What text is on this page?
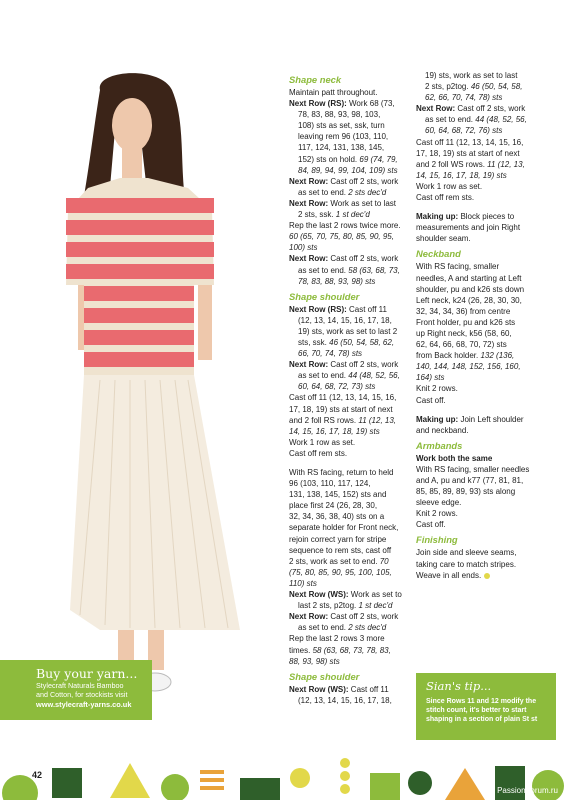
Buy your yarn...
Stylecraft Naturals Bamboo
and Cotton, for stockists visit
www.stylecraft-yarns.co.uk
Shape neck

Maintain patt throughout.

Next Row (RS): Work 68 (73,

78, 83, 88, 93, 98, 103,

108) sts as set, ssk, turn

leaving rem 96 (103, 110,

117, 124, 131, 138, 145,

152) sts on hold. 69 (74, 79,

84, 89, 94, 99, 104, 109) sts

Next Row: Cast off 2 sts, work

as set to end. 2 sts dec'd

Next Row: Work as set to last

2 sts, ssk. 1 st dec'd

Rep the last 2 rows twice more.

60 (65, 70, 75, 80, 85, 90, 95,

100) sts

Next Row: Cast off 2 sts, work

as set to end. 58 (63, 68, 73,

78, 83, 88, 93, 98) sts

Shape shoulder

Next Row (RS): Cast off 11

(12, 13, 14, 15, 16, 17, 18,

19) sts, work as set to last 2

sts, ssk. 46 (50, 54, 58, 62,

66, 70, 74, 78) sts

Next Row: Cast off 2 sts, work

as set to end. 44 (48, 52, 56,

60, 64, 68, 72, 73) sts

Cast off 11 (12, 13, 14, 15, 16,

17, 18, 19) sts at start of next

and 2 foll RS rows. 11 (12, 13,

14, 15, 16, 17, 18, 19) sts

Work 1 row as set.

Cast off rem sts.

With RS facing, return to held

96 (103, 110, 117, 124,

131, 138, 145, 152) sts and

place first 24 (26, 28, 30,

32, 34, 36, 38, 40) sts on a

separate holder for Front neck,

rejoin correct yarn for stripe

sequence to rem sts, cast off

2 sts, work as set to end. 70

(75, 80, 85, 90, 95, 100, 105,

110) sts

Next Row (WS): Work as set to

last 2 sts, p2tog. 1 st dec'd

Next Row: Cast off 2 sts, work

as set to end. 2 sts dec'd

Rep the last 2 rows 3 more

times. 58 (63, 68, 73, 78, 83,

88, 93, 98) sts

Shape shoulder

Next Row (WS): Cast off 11

(12, 13, 14, 15, 16, 17, 18,

19) sts, work as set to last

2 sts, p2tog. 46 (50, 54, 58,

62, 66, 70, 74, 78) sts

Next Row: Cast off 2 sts, work

as set to end. 44 (48, 52, 56,

60, 64, 68, 72, 76) sts

Cast off 11 (12, 13, 14, 15, 16,

17, 18, 19) sts at start of next

and 2 foll WS rows. 11 (12, 13,

14, 15, 16, 17, 18, 19) sts

Work 1 row as set.

Cast off rem sts.

Making up: Block pieces to

measurements and join Right

shoulder seam.

Neckband

With RS facing, smaller

needles, A and starting at Left

shoulder, pu and k26 sts down

Left neck, k24 (26, 28, 30, 30,

32, 34, 34, 36) from centre

Front holder, pu and k26 sts

up Right neck, k56 (58, 60,

62, 64, 66, 68, 70, 72) sts

from Back holder. 132 (136,

140, 144, 148, 152, 156, 160,

164) sts

Knit 2 rows.

Cast off.

Making up: Join Left shoulder

and neckband.

Armbands

Work both the same

With RS facing, smaller needles

and A, pu and k77 (77, 81, 81,

85, 85, 89, 89, 93) sts along

sleeve edge.

Knit 2 rows.

Cast off.

Finishing

Join side and sleeve seams,

taking care to match stripes.

Weave in all ends.

Sian's tip...
Since Rows 11 and 12 modify the stitch count, it's better to start shaping in a section of plain St st
42
PassionForum.ru
